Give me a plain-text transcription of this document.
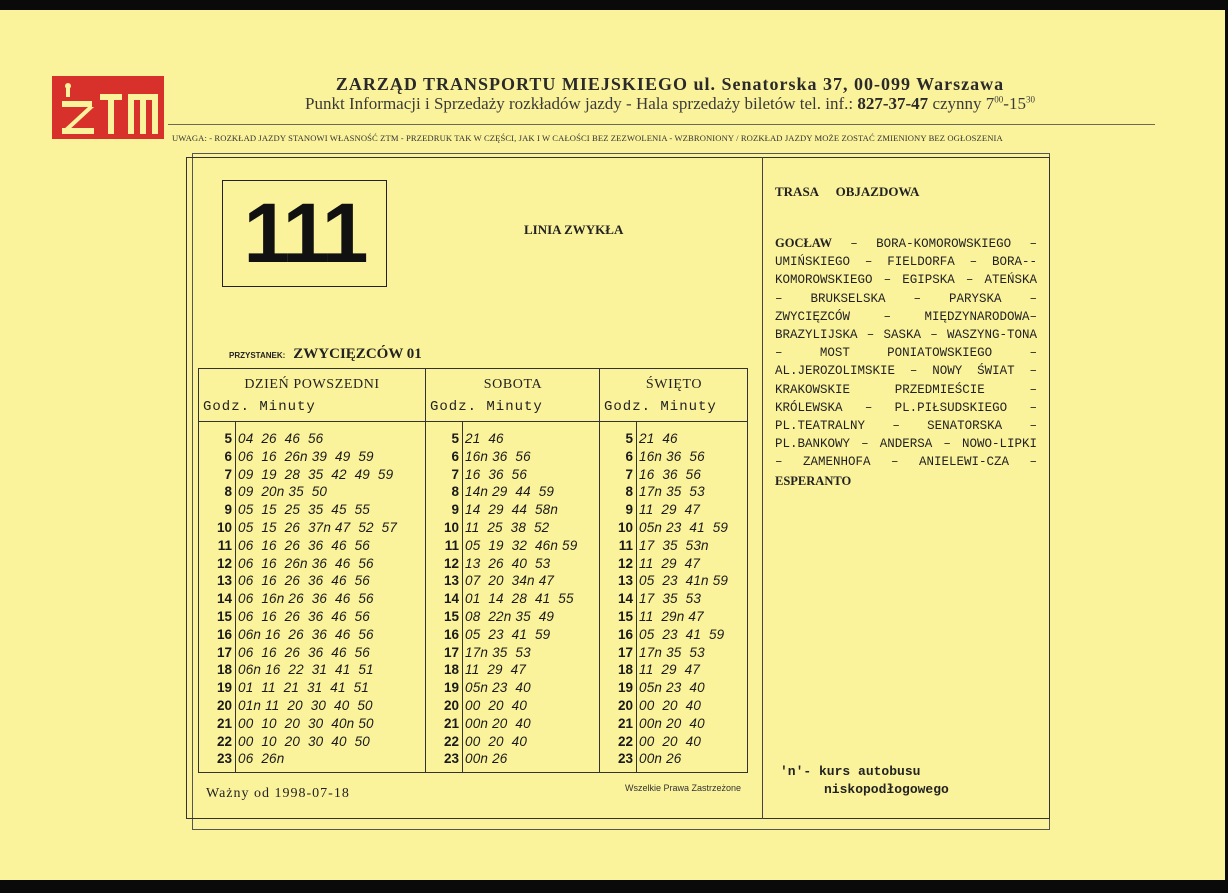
ZTM	ZARZĄD TRANSPORTU MIEJSKIEGO ul. Senatorska 37, 00-099 Warszawa
Punkt Informacji i Sprzedaży rozkładów jazdy - Hala sprzedaży biletów tel. inf.: 827-37-47 czynny $7^{00}-15^{30}$
UWAGA: - ROZKŁAD JAZDY STANOWI WŁASNOŚĆ ZTM - PRZEDRUK TAK W CZĘŚCI, JAK I W CAŁOŚCI BEZ ZEZWOLENIA - WZBRONIONY / ROZKŁAD JAZDY MOŻE ZOSTAĆ ZMIENIONY BEZ OGŁOSZENIA
111	LINIA ZWYKŁA
PRZYSTANEK: ZWYCIĘZCÓW 01
DZIEŃ POWSZEDNI
Godz. Minuty
5 04  26  46  56
6 06  16  26n 39  49  59
7 09  19  28  35  42  49  59
8 09  20n 35  50
9 05  15  25  35  45  55
10 05  15  26  37n 47  52  57
11 06  16  26  36  46  56
12 06  16  26n 36  46  56
13 06  16  26  36  46  56
14 06  16n 26  36  46  56
15 06  16  26  36  46  56
16 06n 16  26  36  46  56
17 06  16  26  36  46  56
18 06n 16  22  31  41  51
19 01  11  21  31  41  51
20 01n 11  20  30  40  50
21 00  10  20  30  40n 50
22 00  10  20  30  40  50
23 06  26n
SOBOTA
Godz. Minuty
5 21  46
6 16n 36  56
7 16  36  56
8 14n 29  44  59
9 14  29  44  58n
10 11  25  38  52
11 05  19  32  46n 59
12 13  26  40  53
13 07  20  34n 47
14 01  14  28  41  55
15 08  22n 35  49
16 05  23  41  59
17 17n 35  53
18 11  29  47
19 05n 23  40
20 00  20  40
21 00n 20  40
22 00  20  40
23 00n 26
ŚWIĘTO
Godz. Minuty
5 21  46
6 16n 36  56
7 16  36  56
8 17n 35  53
9 11  29  47
10 05n 23  41  59
11 17  35  53n
12 11  29  47
13 05  23  41n 59
14 17  35  53
15 11  29n 47
16 05  23  41  59
17 17n 35  53
18 11  29  47
19 05n 23  40
20 00  20  40
21 00n 20  40
22 00  20  40
23 00n 26
Ważny od 1998-07-18	Wszelkie Prawa Zastrzeżone
TRASA OBJAZDOWA
GOCŁAW – BORA-KOMOROWSKIEGO – UMIŃSKIEGO – FIELDORFA – BORA--KOMOROWSKIEGO – EGIPSKA – ATEŃSKA – BRUKSELSKA – PARYSKA – ZWYCIĘZCÓW – MIĘDZYNARODOWA–BRAZYLIJSKA – SASKA – WASZYNG-TONA – MOST PONIATOWSKIEGO – AL.JEROZOLIMSKIE – NOWY ŚWIAT – KRAKOWSKIE PRZEDMIEŚCIE – KRÓLEWSKA – PL.PIŁSUDSKIEGO – PL.TEATRALNY – SENATORSKA – PL.BANKOWY – ANDERSA – NOWO-LIPKI – ZAMENHOFA – ANIELEWI-CZA – ESPERANTO
'n'- kurs autobusu
niskopodłogowego
